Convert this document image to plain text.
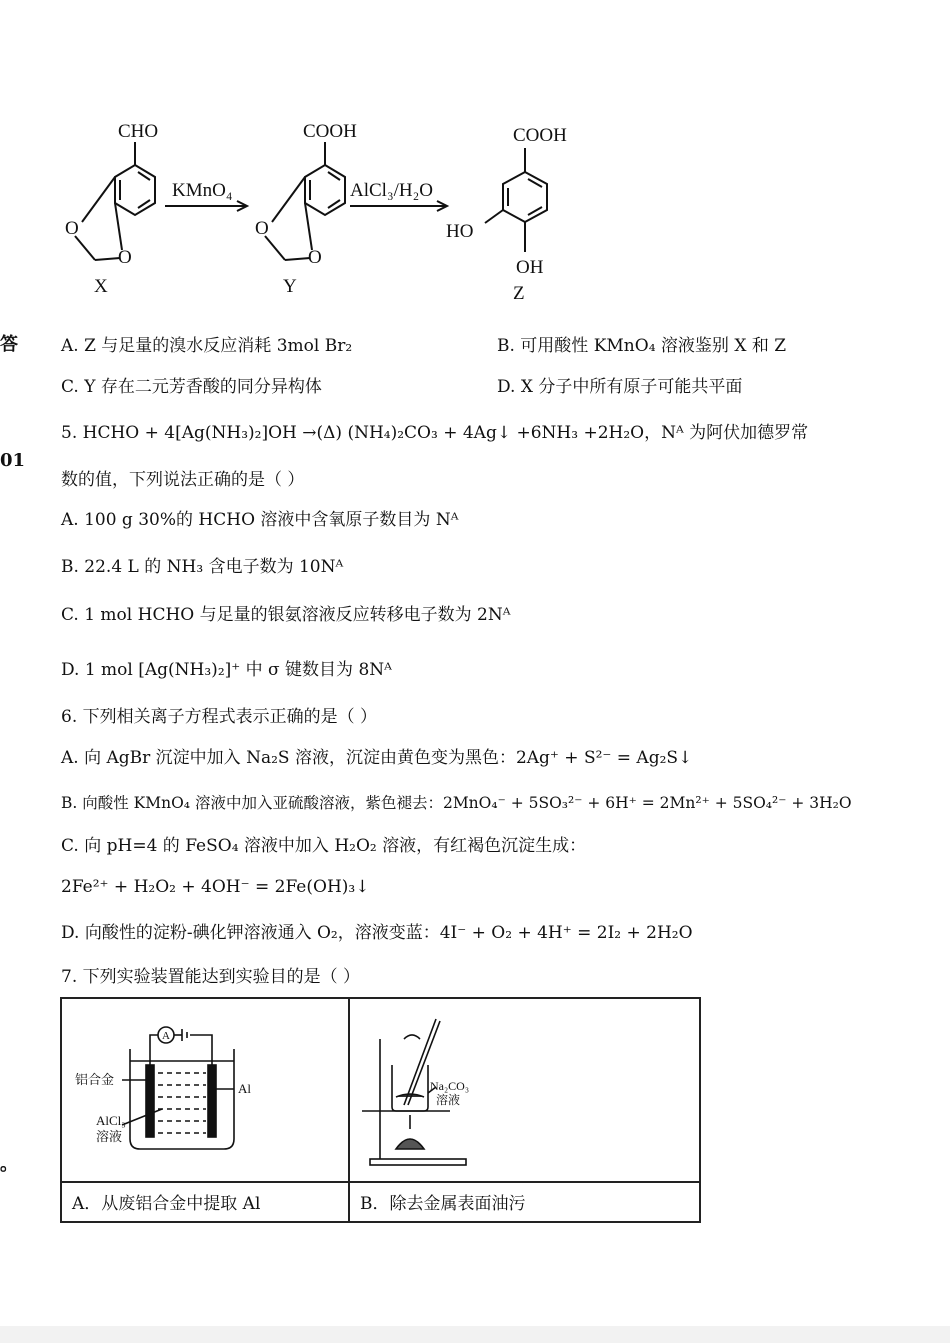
答
01
。
CHO
O
O
X
KMnO₄
COOH
O
O
Y
AlCl₃/H₂O
COOH
HO
OH
Z
A. Z 与足量的溴水反应消耗 3mol Br₂	B. 可用酸性 KMnO₄ 溶液鉴别 X 和 Z
C. Y 存在二元芳香酸的同分异构体	D. X 分子中所有原子可能共平面
5. HCHO + 4[Ag(NH₃)₂]OH →(Δ) (NH₄)₂CO₃ + 4Ag↓ +6NH₃ +2H₂O，Nᴬ 为阿伏加德罗常
数的值，下列说法正确的是（ ）
A. 100 g 30%的 HCHO 溶液中含氧原子数目为 Nᴬ
B. 22.4 L 的 NH₃ 含电子数为 10Nᴬ
C. 1 mol HCHO 与足量的银氨溶液反应转移电子数为 2Nᴬ
D. 1 mol [Ag(NH₃)₂]⁺ 中 σ 键数目为 8Nᴬ
6. 下列相关离子方程式表示正确的是（ ）
A. 向 AgBr 沉淀中加入 Na₂S 溶液，沉淀由黄色变为黑色：2Ag⁺ + S²⁻ = Ag₂S↓
B. 向酸性 KMnO₄ 溶液中加入亚硫酸溶液，紫色褪去：2MnO₄⁻ + 5SO₃²⁻ + 6H⁺ = 2Mn²⁺ + 5SO₄²⁻ + 3H₂O
C. 向 pH=4 的 FeSO₄ 溶液中加入 H₂O₂ 溶液，有红褐色沉淀生成：
2Fe²⁺ + H₂O₂ + 4OH⁻ = 2Fe(OH)₃↓
D. 向酸性的淀粉-碘化钾溶液通入 O₂，溶液变蓝：4I⁻ + O₂ + 4H⁺ = 2I₂ + 2H₂O
7. 下列实验装置能达到实验目的是（ ）
A
铝合金
Al
AlCl₃
溶液	Na₂CO₃
溶液

A．从废铝合金中提取 Al	B．除去金属表面油污
